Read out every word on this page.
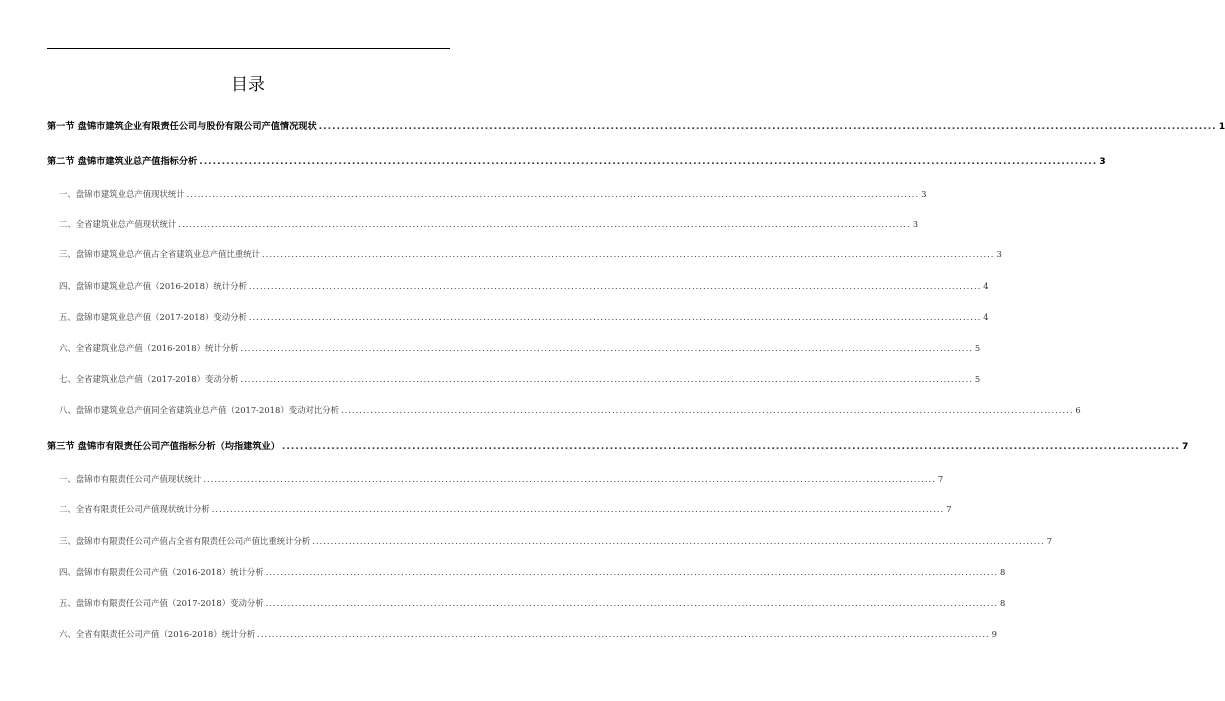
目录
第一节 盘锦市建筑企业有限责任公司与股份有限公司产值情况现状 ........................................................................................................................................................................................................ 1
第二节 盘锦市建筑业总产值指标分析 ........................................................................................................................................................................................................ 3
一、盘锦市建筑业总产值现状统计 ........................................................................................................................................................................................................ 3
二、全省建筑业总产值现状统计 ........................................................................................................................................................................................................ 3
三、盘锦市建筑业总产值占全省建筑业总产值比重统计 ........................................................................................................................................................................................................ 3
四、盘锦市建筑业总产值（2016-2018）统计分析 ........................................................................................................................................................................................................ 4
五、盘锦市建筑业总产值（2017-2018）变动分析 ........................................................................................................................................................................................................ 4
六、全省建筑业总产值（2016-2018）统计分析 ........................................................................................................................................................................................................ 5
七、全省建筑业总产值（2017-2018）变动分析 ........................................................................................................................................................................................................ 5
八、盘锦市建筑业总产值同全省建筑业总产值（2017-2018）变动对比分析 ........................................................................................................................................................................................................ 6
第三节 盘锦市有限责任公司产值指标分析（均指建筑业） ........................................................................................................................................................................................................ 7
一、盘锦市有限责任公司产值现状统计 ........................................................................................................................................................................................................ 7
二、全省有限责任公司产值现状统计分析 ........................................................................................................................................................................................................ 7
三、盘锦市有限责任公司产值占全省有限责任公司产值比重统计分析 ........................................................................................................................................................................................................ 7
四、盘锦市有限责任公司产值（2016-2018）统计分析 ........................................................................................................................................................................................................ 8
五、盘锦市有限责任公司产值（2017-2018）变动分析 ........................................................................................................................................................................................................ 8
六、全省有限责任公司产值（2016-2018）统计分析 ........................................................................................................................................................................................................ 9
